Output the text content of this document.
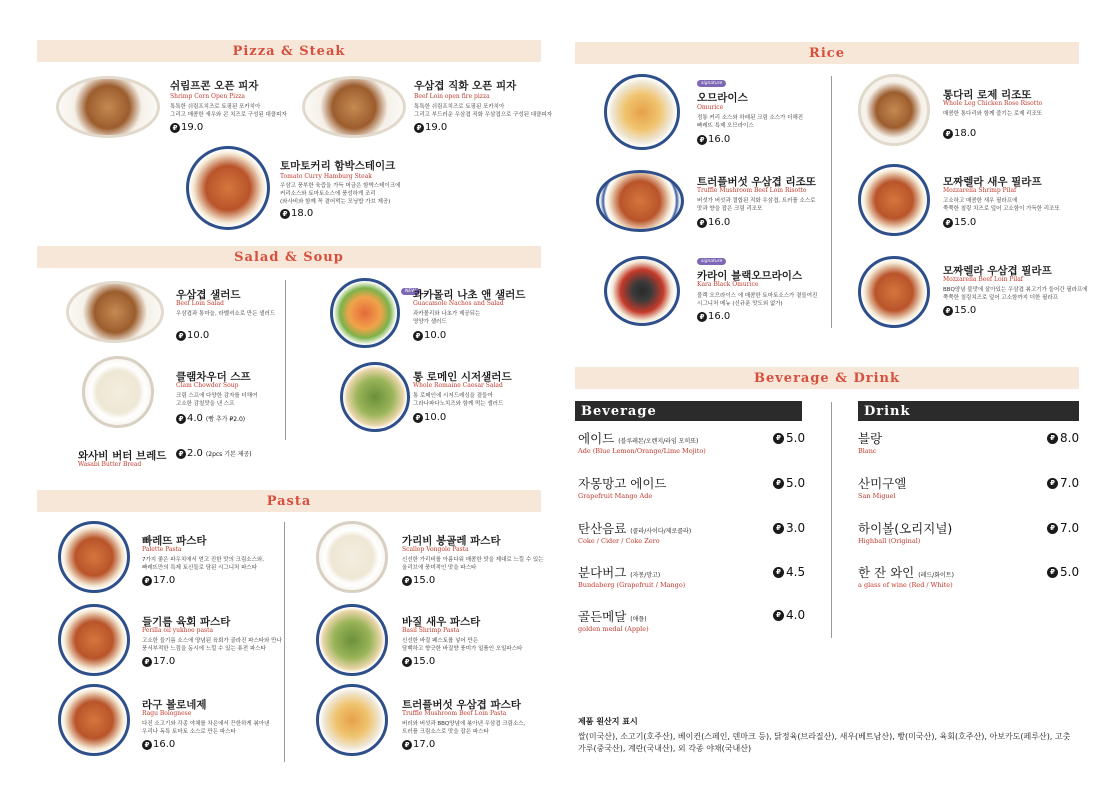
Pizza & Steak
쉬림프콘 오픈 피자
Shrimp Corn Open Pizza
톡톡한 쉬림프치즈로 토핑된 포카치아
그리고 매콤한 새우와 콘 치즈로 구성된 대클피자
₽ 19.0
우삼겹 직화 오픈 피자
Beef Loin open fire pizza
톡톡한 쉬림프치즈로 토핑된 포카치아
그리고 부드러운 우삼겹 직화 우삼겹으로 구성된 대클피자
₽ 19.0
토마토커리 함박스테이크
Tomato Curry Hamburg Steak
우삼고 풍부한 육즙을 가득 머금은 함박스테이크에
커리소스와 토마토소스에 풍성하게 조리
(와사비와 함께 꼭 곁어먹는 모닝밥 가브 제공)
₽ 18.0
Salad & Soup
우삼겹 샐러드
Beef Loin Salad
우삼겹과 통마늘, 라벨셔소로 만든 샐러드
₽ 10.0
NEW
과카몰리 나초 앤 샐러드
Guacamole Nachos and Salad
과카몰리와 나초가 제공되는
영양가 샐러드
₽ 10.0
클램차우더 스프
Clam Chowder Soup
크림 스프에 다양한 감자를 더해여
고소한 감칠맛을 낸 스프
₽ 4.0 (빵 추가 ₽2.0)
통 로메인 시저샐러드
Whole Romaine Caesar Salad
통 로메인에 시저드레싱을 곁들여
그라나파다노치즈와 함께 먹는 샐러드
₽ 10.0
와사비 버터 브레드
Wasabi Butter Bread
₽ 2.0 (2pcs 기본 제공)
Pasta
빠레뜨 파스타
Palette Pasta
7가지 좋은 파우치에서 얻고 진한 맛의 크림소스와,
빠레뜨만의 특제 토신들로 담된 시그니처 파스타
₽ 17.0
가리비 봉골레 파스타
Scallop Vongole Pasta
신선한 가리비를 아름다워 매콤한 맛을 제대로 느낄 수 있는
올리브에 풍미적인 맛을 파스타
₽ 15.0
들기름 육회 파스타
Perilla oil yukhoe pasta
고소한 들기름 소스에 양념된 육회가 골라진 파스타와 만나
풍서부적한 느낌을 동시에 느낄 수 있는 퓨전 파스타
₽ 17.0
바질 새우 파스타
Basil Shrimp Pasta
신선한 바질 페스토를 넣어 만든
담백하고 향긋한 바질향 풍미가 일품인 오일파스타
₽ 15.0
라구 볼로네제
Ragu Bolognese
다진 소고기와 각종 야채를 차은에서 끈한하게 볶아낸
우리나 독특 토마토 소스로 만든 파스타
₽ 16.0
트러플버섯 우삼겹 파스타
Truffle Mushroom Beef Loin Pasta
버러와 버섯과 BBQ양념에 볶아낸 우삼겹 크림소스,
트러플 크림소스로 맛을 잡은 파스타
₽ 17.0
Rice
signature
오므라이스
Omurice
정통 커리 소스와 하래된 크림 소스가 더해진
빠레뜨 특제 오므라이스
₽ 16.0
통다리 로제 리조또
Whole Leg Chicken Rose Risotto
매콤한 통다리와 함께 즐기는 로제 리조또
₽ 18.0
트러플버섯 우삼겹 리조또
Truffle Mushroom Beef Loin Risotto
버섯가 버섯과 결합된 직화 우삼겹, 트러플 소스로
맛과 향을 잡은 크림 리조또
₽ 16.0
모짜렐라 새우 필라프
Mozzarella Shrimp Pilaf
고소하고 매콤한 새우 필라프에
쭉쭉한 칠링 치즈로 덮어 고소함이 가득한 리조또
₽ 15.0
signature
카라이 블랙오므라이스
Kara Black Omurice
블랙 오므라이스 에 매콤한 토마토소스가 곁들여진
시그니처 메뉴 (신규푼 맛도외 없가)
₽ 16.0
모짜렐라 우삼겹 필라프
Mozzarella Beef Loin Pilaf
BBQ양념 불맛에 살아있는 우삼겹 볶고기가 들어간 필라프에
쭉쭉한 칠링치즈로 덮어 고소함까지 더한 필라프
₽ 15.0
Beverage & Drink
Beverage	Drink
에이드 (블루레몬/오렌지/라임 모히또)
Ade (Blue Lemon/Orange/Lime Mojito)
₽ 5.0
자몽망고 에이드
Grapefruit Mango Ade
₽ 5.0
탄산음료 (콜라/사이다/제로콜라)
Coke / Cider / Coke Zero
₽ 3.0
분다버그 (자몽/망고)
Bundaberg (Grapefruit / Mango)
₽ 4.5
골든메달 (애플)
golden medal (Apple)
₽ 4.0
블랑
Blanc
₽ 8.0
산미구엘
San Miguel
₽ 7.0
하이볼(오리지널)
Highball (Original)
₽ 7.0
한 잔 와인 (레드/화이트)
a glass of wine (Red / White)
₽ 5.0
제품 원산지 표시
쌀(미국산), 소고기(호주산), 베이컨(스페인, 덴마크 등), 닭정육(브라질산), 새우(베트남산), 빵(미국산), 육회(호주산), 아보카도(페루산), 고춧가루(중국산), 계란(국내산), 외 각종 야채(국내산)
